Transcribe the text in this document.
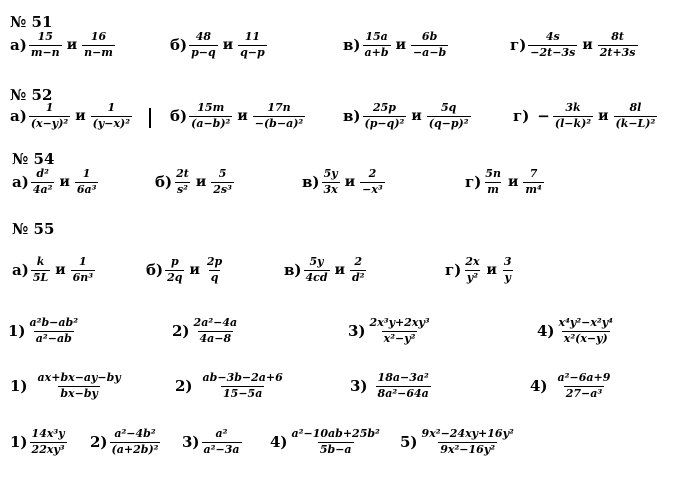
№ 51
$а) \frac{15}{m-n}$ и $\frac{16}{n-m}$	$б) \frac{48}{p-q}$ и $\frac{11}{q-p}$	$в) \frac{15a}{a+b}$ и $\frac{6b}{-a-b}$	$г) \frac{4s}{-2t-3s}$ и $\frac{8t}{2t+3s}$
№ 52
$а) \frac{1}{\text{(x−y)²}}$ и $\frac{1}{\text{(y−x)²}}$	$б) \frac{15m}{\text{(a−b)²}}$ и $\frac{17n}{\text{−(b−a)²}}$	$в) \frac{25p}{\text{(p−q)²}}$ и $\frac{5q}{\text{(q−p)²}}$	$г) - \frac{3k}{\text{(l−k)²}}$ и $\frac{8l}{\text{(k−L)²}}$
№ 54
$а) \frac{\text{d²}}{\text{4a²}}$ и $\frac{1}{\text{6a³}}$	$б) \frac{2t}{\text{s²}}$ и $\frac{5}{\text{2s³}}$	$в) \frac{5y}{3x}$ и $\frac{2}{\text{−x³}}$	$г) \frac{5n}{m}$ и $\frac{7}{\text{m⁴}}$
№ 55
$а) \frac{k}{5L}$ и $\frac{1}{\text{6n³}}$	$б) \frac{p}{2q}$ и $\frac{2p}{q}$	$в) \frac{5y}{4cd}$ и $\frac{2}{\text{d²}}$	$г) \frac{2x}{\text{y²}}$ и $\frac{3}{y}$
$1) \frac{\text{a²b−ab²}}{\text{a²−ab}}$	$2) \frac{\text{2a²−4a}}{4a-8}$	$3) \frac{\text{2x³y+2xy³}}{\text{x²−y²}}$	$4) \frac{\text{x⁴y²−x²y⁴}}{\text{x²(x−y)}}$
$1) \frac{ax+bx-ay-by}{bx-by}$	$2) \frac{ab-3b-2a+6}{15-5a}$	$3) \frac{\text{18a−3a²}}{\text{8a²−64a}}$	$4) \frac{\text{a²−6a+9}}{\text{27−a³}}$
$1) \frac{\text{14x³y}}{\text{22xy³}} 2) \frac{\text{a²−4b²}}{\text{(a+2b)²}} 3) \frac{\text{a²}}{\text{a²−3a}} 4) \frac{\text{a²−10ab+25b²}}{5b-a} 5) \frac{\text{9x²−24xy+16y²}}{\text{9x²−16y²}}$
